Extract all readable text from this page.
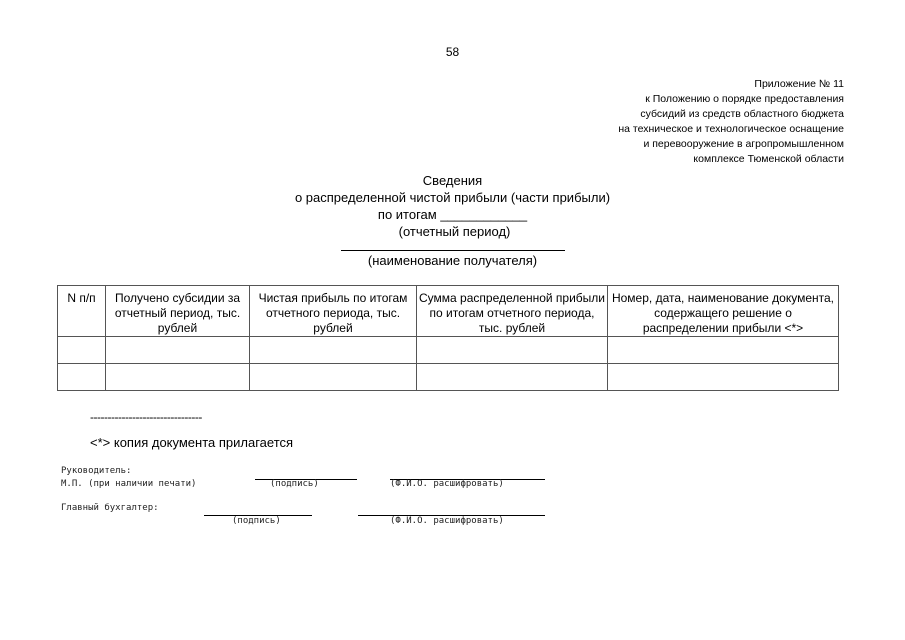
58
Приложение № 11
к Положению о порядке предоставления
субсидий из средств областного бюджета
на техническое и технологическое оснащение
и перевооружение в агропромышленном
комплексе Тюменской области
Сведения
о распределенной чистой прибыли (части прибыли)
по итогам ____________
(отчетный период)
(наименование получателя)
N п/п	Получено субсидии за отчетный период, тыс. рублей	Чистая прибыль по итогам отчетного периода, тыс. рублей	Сумма распределенной прибыли по итогам отчетного периода, тыс. рублей	Номер, дата, наименование документа, содержащего решение о распределении прибыли <*>

--------------------------------
<*> копия документа прилагается
Руководитель:
М.П. (при наличии печати)	(подпись)	(Ф.И.О. расшифровать)
Главный бухгалтер:
(подпись)	(Ф.И.О. расшифровать)
